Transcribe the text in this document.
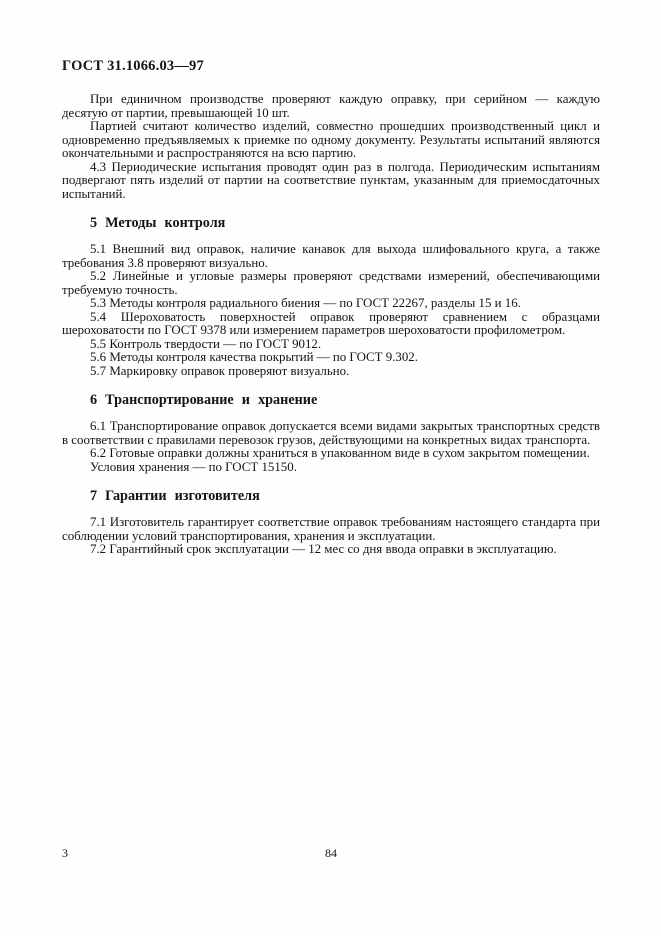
ГОСТ 31.1066.03—97

При единичном производстве проверяют каждую оправку, при серийном — каждую десятую от партии, превышающей 10 шт.

Партией считают количество изделий, совместно прошедших производственный цикл и одновременно предъявляемых к приемке по одному документу. Результаты испытаний являются окончательными и распространяются на всю партию.

4.3 Периодические испытания проводят один раз в полгода. Периодическим испытаниям подвергают пять изделий от партии на соответствие пунктам, указанным для приемосдаточных испытаний.

5 Методы контроля

5.1 Внешний вид оправок, наличие канавок для выхода шлифовального круга, а также требования 3.8 проверяют визуально.

5.2 Линейные и угловые размеры проверяют средствами измерений, обеспечивающими требуемую точность.

5.3 Методы контроля радиального биения — по ГОСТ 22267, разделы 15 и 16.

5.4 Шероховатость поверхностей оправок проверяют сравнением с образцами шероховатости по ГОСТ 9378 или измерением параметров шероховатости профилометром.

5.5 Контроль твердости — по ГОСТ 9012.

5.6 Методы контроля качества покрытий — по ГОСТ 9.302.

5.7 Маркировку оправок проверяют визуально.

6 Транспортирование и хранение

6.1 Транспортирование оправок допускается всеми видами закрытых транспортных средств в соответствии с правилами перевозок грузов, действующими на конкретных видах транспорта.

6.2 Готовые оправки должны храниться в упакованном виде в сухом закрытом помещении.

Условия хранения — по ГОСТ 15150.

7 Гарантии изготовителя

7.1 Изготовитель гарантирует соответствие оправок требованиям настоящего стандарта при соблюдении условий транспортирования, хранения и эксплуатации.

7.2 Гарантийный срок эксплуатации — 12 мес со дня ввода оправки в эксплуатацию.

3	84
